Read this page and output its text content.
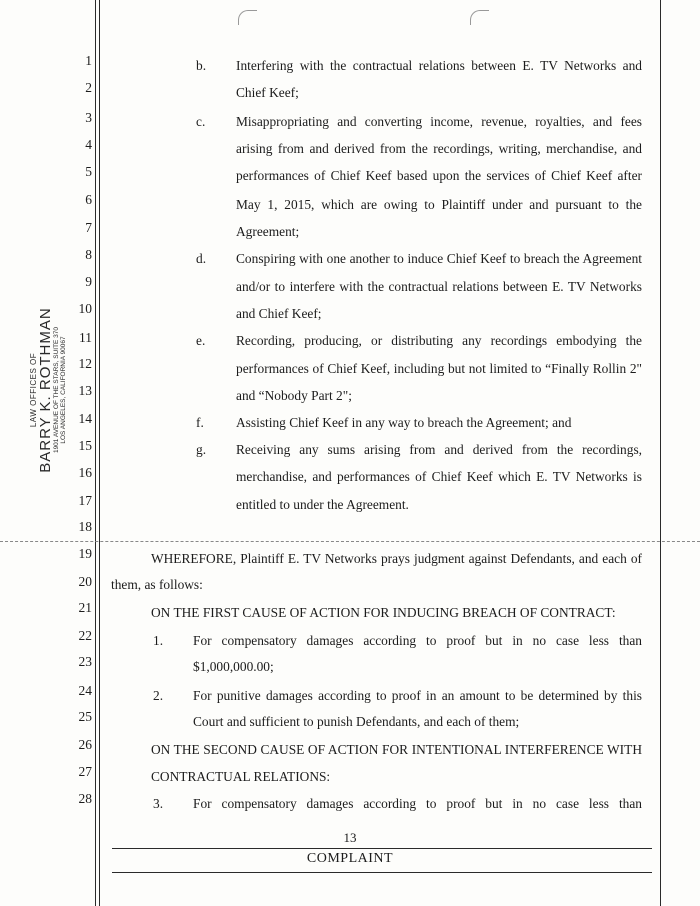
LAW OFFICES OF BARRY K. ROTHMAN
1901 AVENUE OF THE STARS, SUITE 370 LOS ANGELES, CALIFORNIA 90067
1
2
3
4
5
6
7
8
9
10
11
12
13
14
15
16
17
18
19
20
21
22
23
24
25
26
27
28
b. Interfering with the contractual relations between E. TV Networks and
Chief Keef;
c. Misappropriating and converting income, revenue, royalties, and fees
arising from and derived from the recordings, writing, merchandise, and
performances of Chief Keef based upon the services of Chief Keef after
May 1, 2015, which are owing to Plaintiff under and pursuant to the
Agreement;
d. Conspiring with one another to induce Chief Keef to breach the Agreement
and/or to interfere with the contractual relations between E. TV Networks
and Chief Keef;
e. Recording, producing, or distributing any recordings embodying the
performances of Chief Keef, including but not limited to “Finally Rollin 2"
and “Nobody Part 2";
f. Assisting Chief Keef in any way to breach the Agreement; and
g. Receiving any sums arising from and derived from the recordings,
merchandise, and performances of Chief Keef which E. TV Networks is
entitled to under the Agreement.
WHEREFORE, Plaintiff E. TV Networks prays judgment against Defendants, and each of
them, as follows:
ON THE FIRST CAUSE OF ACTION FOR INDUCING BREACH OF CONTRACT:
1. For compensatory damages according to proof but in no case less than
$1,000,000.00;
2. For punitive damages according to proof in an amount to be determined by this
Court and sufficient to punish Defendants, and each of them;
ON THE SECOND CAUSE OF ACTION FOR INTENTIONAL INTERFERENCE WITH
CONTRACTUAL RELATIONS:
3. For compensatory damages according to proof but in no case less than
13
COMPLAINT
